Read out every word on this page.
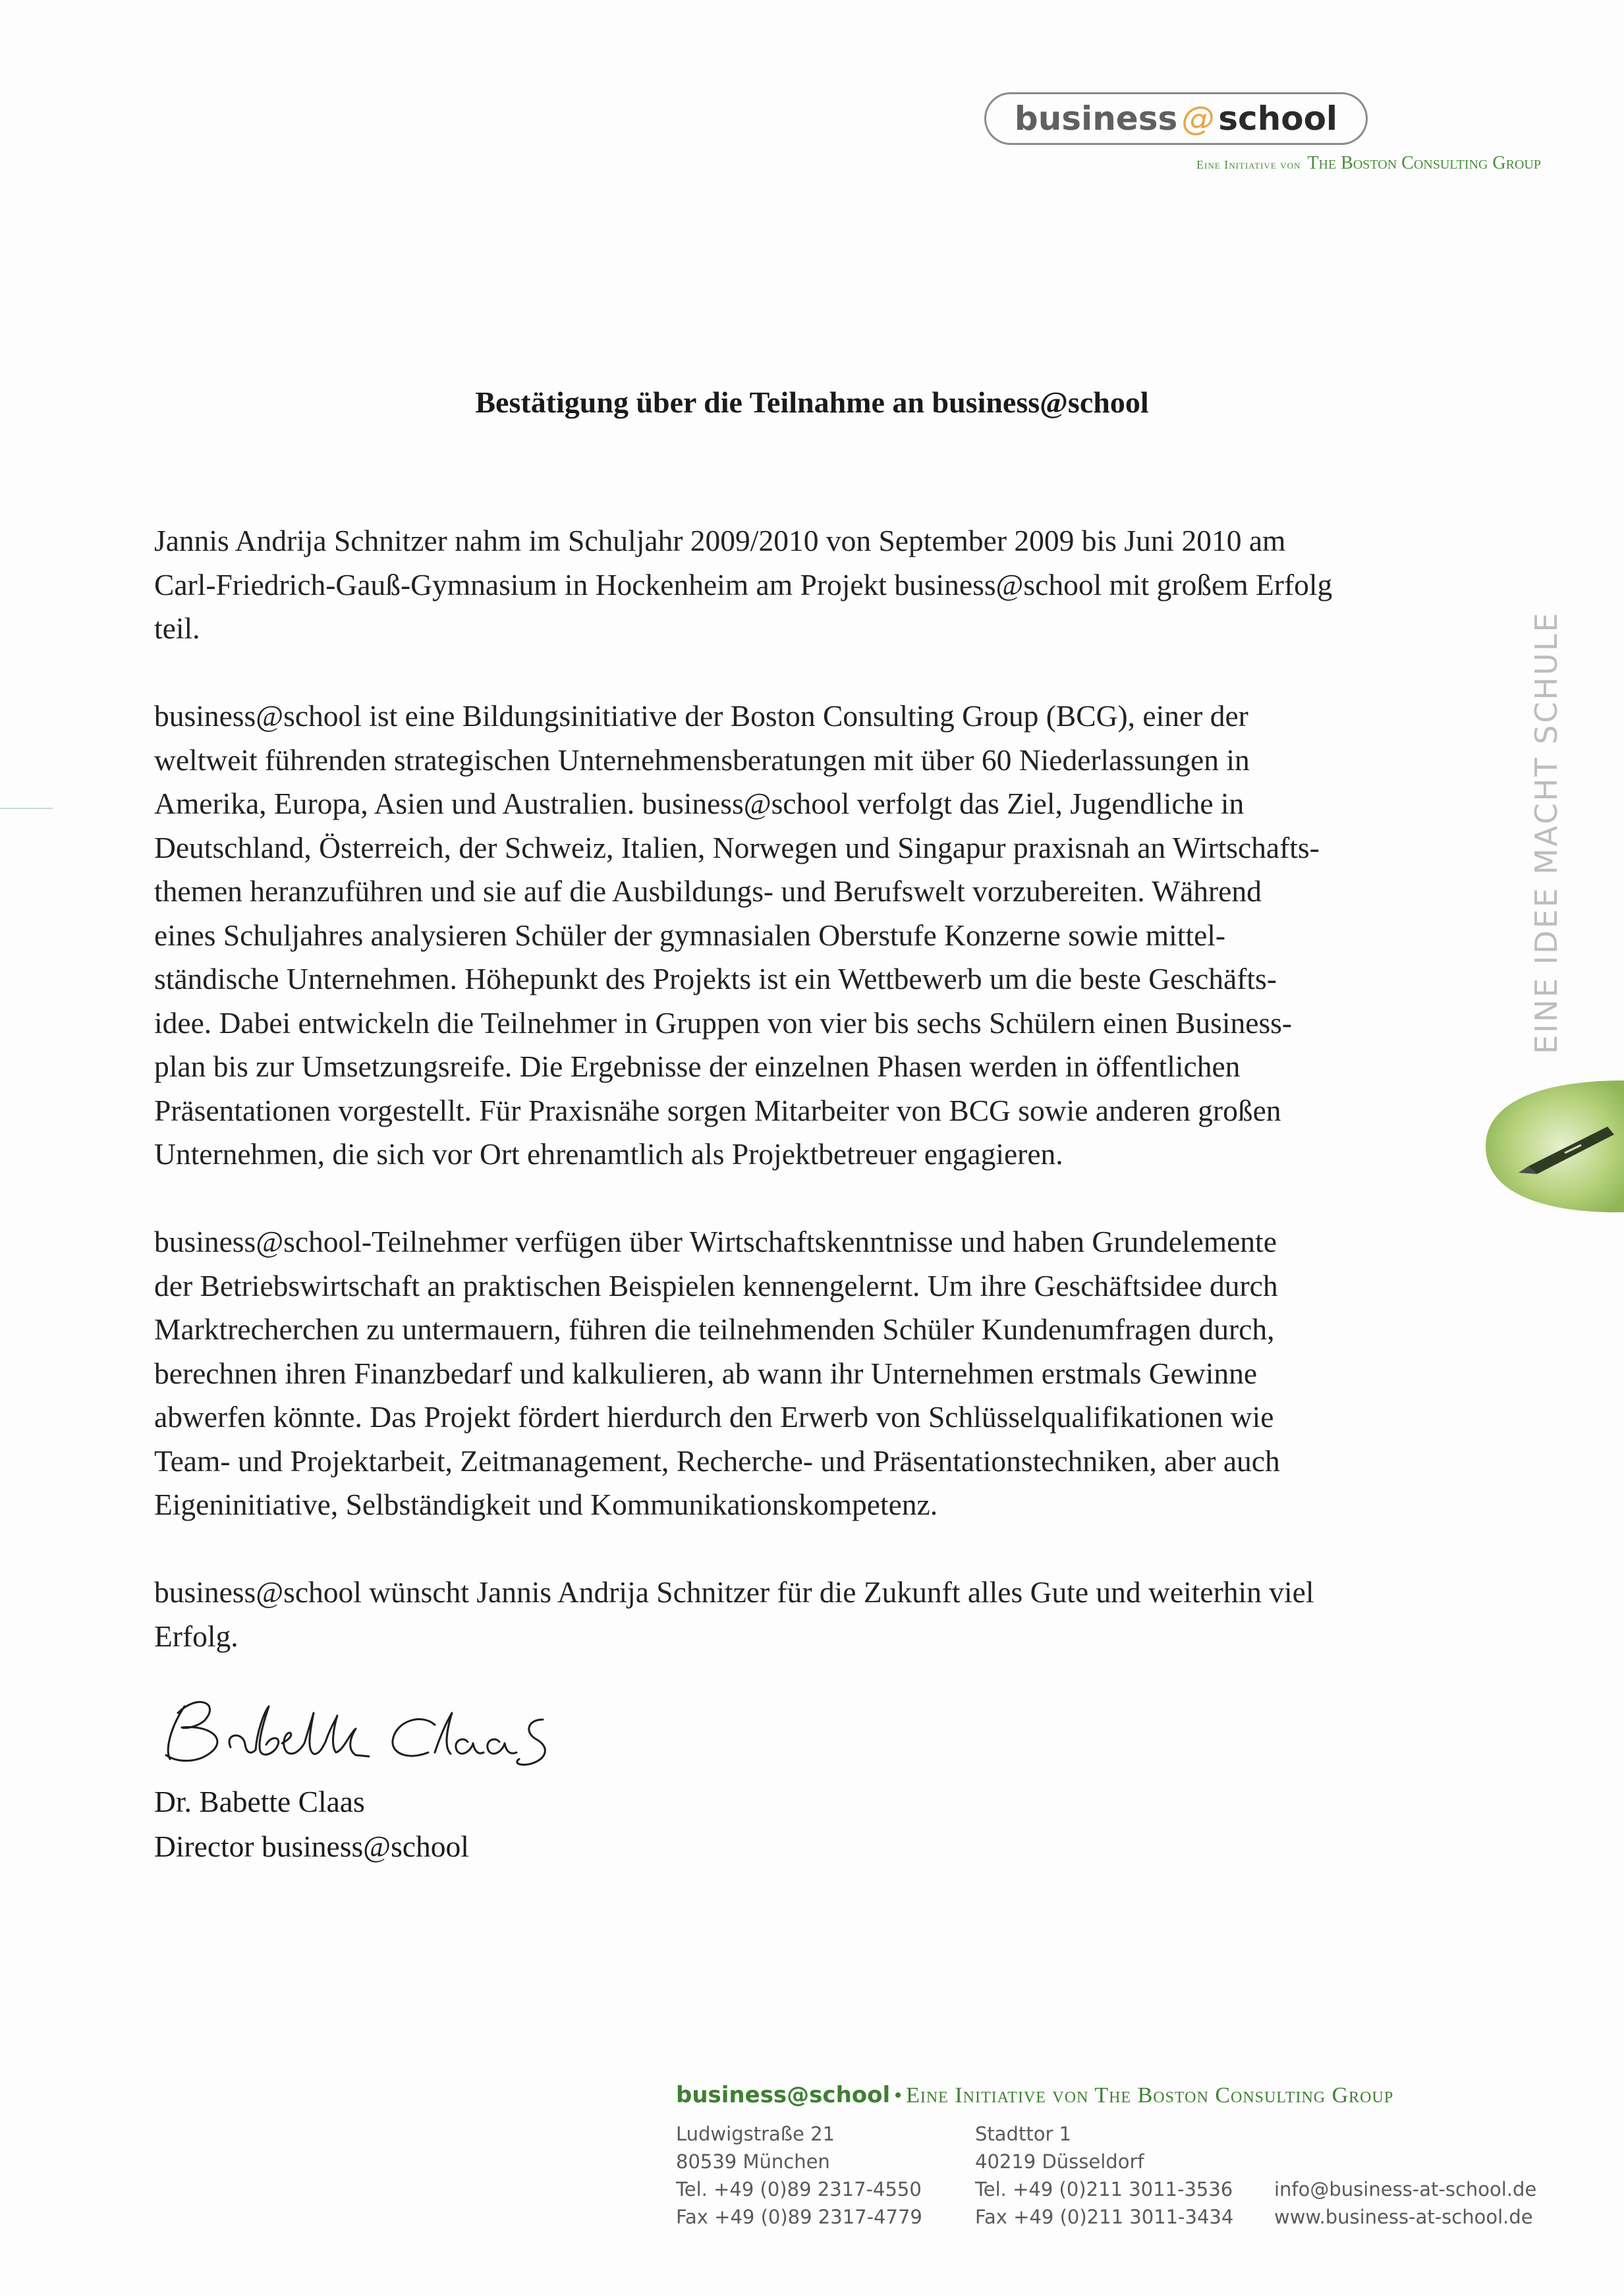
business @ school
Eine Initiative von The Boston Consulting Group
Bestätigung über die Teilnahme an business@school
Jannis Andrija Schnitzer nahm im Schuljahr 2009/2010 von September 2009 bis Juni 2010 am
Carl-Friedrich-Gauß-Gymnasium in Hockenheim am Projekt business@school mit großem Erfolg
teil.
business@school ist eine Bildungsinitiative der Boston Consulting Group (BCG), einer der
weltweit führenden strategischen Unternehmensberatungen mit über 60 Niederlassungen in
Amerika, Europa, Asien und Australien. business@school verfolgt das Ziel, Jugendliche in
Deutschland, Österreich, der Schweiz, Italien, Norwegen und Singapur praxisnah an Wirtschafts-
themen heranzuführen und sie auf die Ausbildungs- und Berufswelt vorzubereiten. Während
eines Schuljahres analysieren Schüler der gymnasialen Oberstufe Konzerne sowie mittel-
ständische Unternehmen. Höhepunkt des Projekts ist ein Wettbewerb um die beste Geschäfts-
idee. Dabei entwickeln die Teilnehmer in Gruppen von vier bis sechs Schülern einen Business-
plan bis zur Umsetzungsreife. Die Ergebnisse der einzelnen Phasen werden in öffentlichen
Präsentationen vorgestellt. Für Praxisnähe sorgen Mitarbeiter von BCG sowie anderen großen
Unternehmen, die sich vor Ort ehrenamtlich als Projektbetreuer engagieren.
business@school-Teilnehmer verfügen über Wirtschaftskenntnisse und haben Grundelemente
der Betriebswirtschaft an praktischen Beispielen kennengelernt. Um ihre Geschäftsidee durch
Marktrecherchen zu untermauern, führen die teilnehmenden Schüler Kundenumfragen durch,
berechnen ihren Finanzbedarf und kalkulieren, ab wann ihr Unternehmen erstmals Gewinne
abwerfen könnte. Das Projekt fördert hierdurch den Erwerb von Schlüsselqualifikationen wie
Team- und Projektarbeit, Zeitmanagement, Recherche- und Präsentationstechniken, aber auch
Eigeninitiative, Selbständigkeit und Kommunikationskompetenz.
business@school wünscht Jannis Andrija Schnitzer für die Zukunft alles Gute und weiterhin viel
Erfolg.
Dr. Babette Claas
Director business@school
EINE IDEE MACHT SCHULE
business@school • Eine Initiative von The Boston Consulting Group
Ludwigstraße 21
80539 München
Tel. +49 (0)89 2317-4550
Fax +49 (0)89 2317-4779
Stadttor 1
40219 Düsseldorf
Tel. +49 (0)211 3011-3536
Fax +49 (0)211 3011-3434
info@business-at-school.de
www.business-at-school.de
